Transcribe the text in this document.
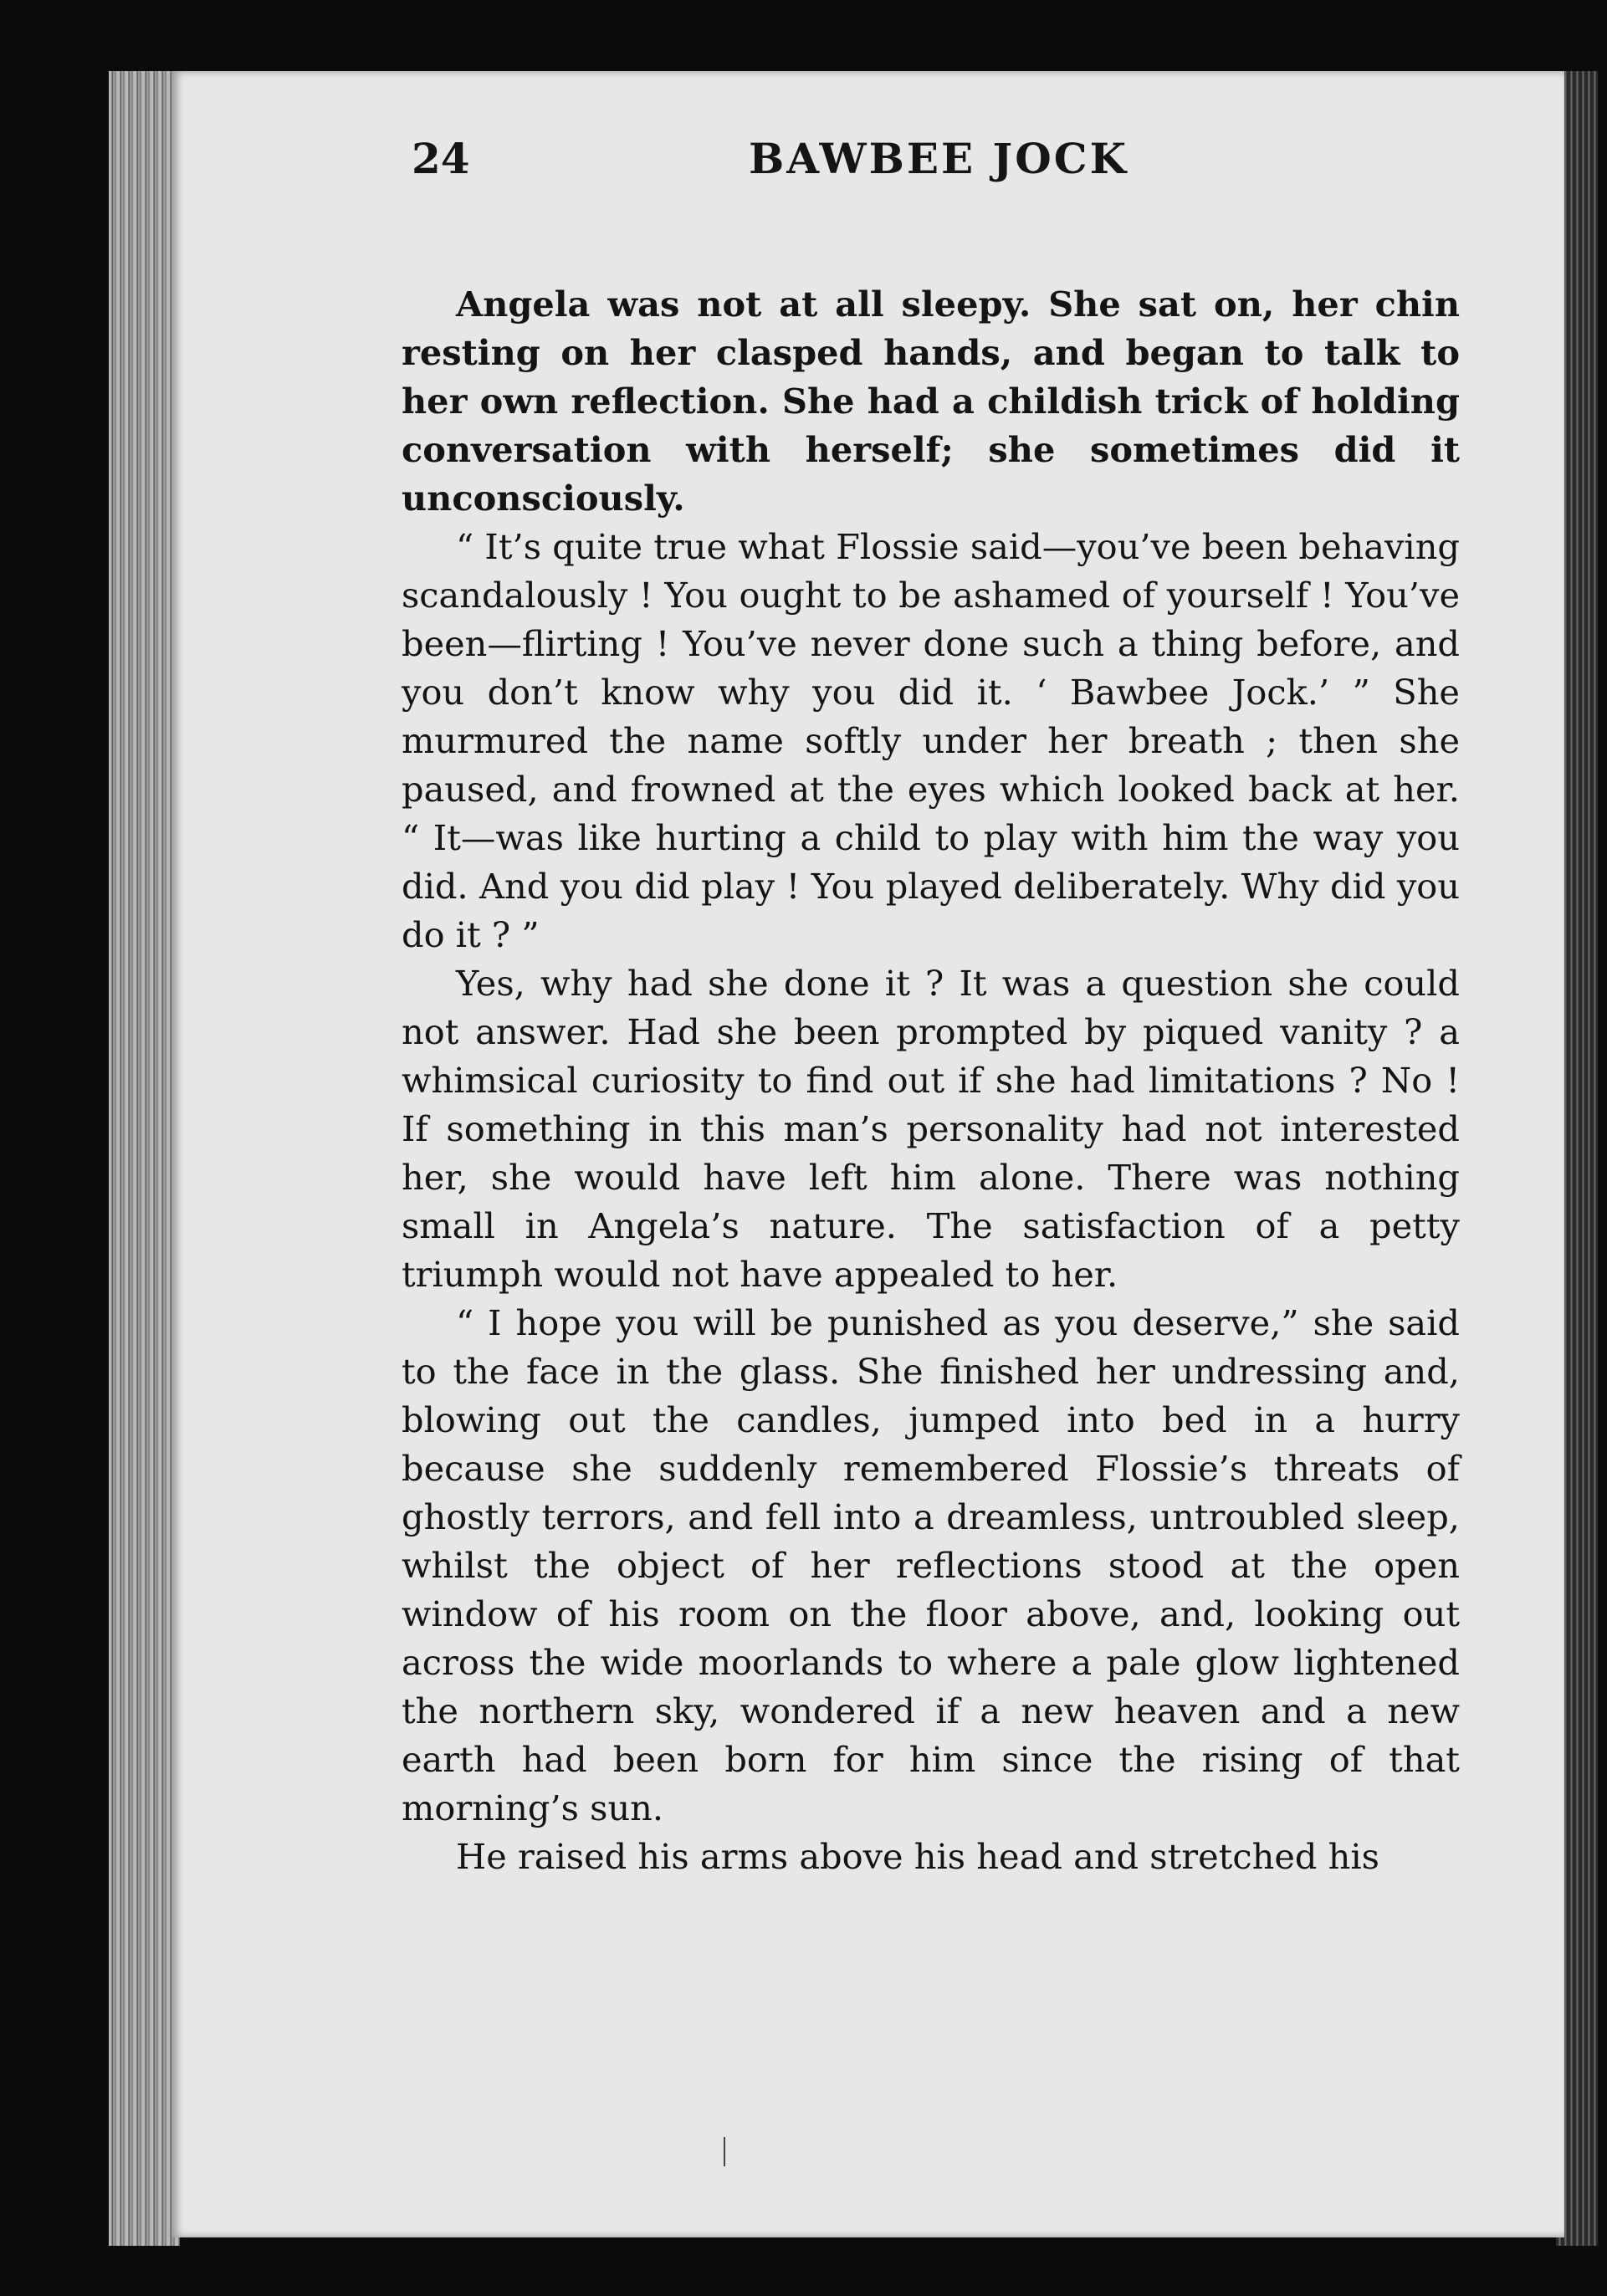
24	BAWBEE JOCK

Angela was not at all sleepy. She sat on, her chin resting on her clasped hands, and began to talk to her own reflection. She had a childish trick of holding conversation with herself; she sometimes did it unconsciously.

“ It’s quite true what Flossie said—you’ve been behaving scandalously ! You ought to be ashamed of yourself ! You’ve been—flirting ! You’ve never done such a thing before, and you don’t know why you did it. ‘ Bawbee Jock.’ ” She murmured the name softly under her breath ; then she paused, and frowned at the eyes which looked back at her. “ It—was like hurting a child to play with him the way you did. And you did play ! You played deliberately. Why did you do it ? ”

Yes, why had she done it ? It was a question she could not answer. Had she been prompted by piqued vanity ? a whimsical curiosity to find out if she had limitations ? No ! If something in this man’s personality had not interested her, she would have left him alone. There was nothing small in Angela’s nature. The satisfaction of a petty triumph would not have appealed to her.

“ I hope you will be punished as you deserve,” she said to the face in the glass. She finished her undressing and, blowing out the candles, jumped into bed in a hurry because she suddenly remembered Flossie’s threats of ghostly terrors, and fell into a dreamless, untroubled sleep, whilst the object of her reflections stood at the open window of his room on the floor above, and, looking out across the wide moorlands to where a pale glow lightened the northern sky, wondered if a new heaven and a new earth had been born for him since the rising of that morning’s sun.

He raised his arms above his head and stretched his
